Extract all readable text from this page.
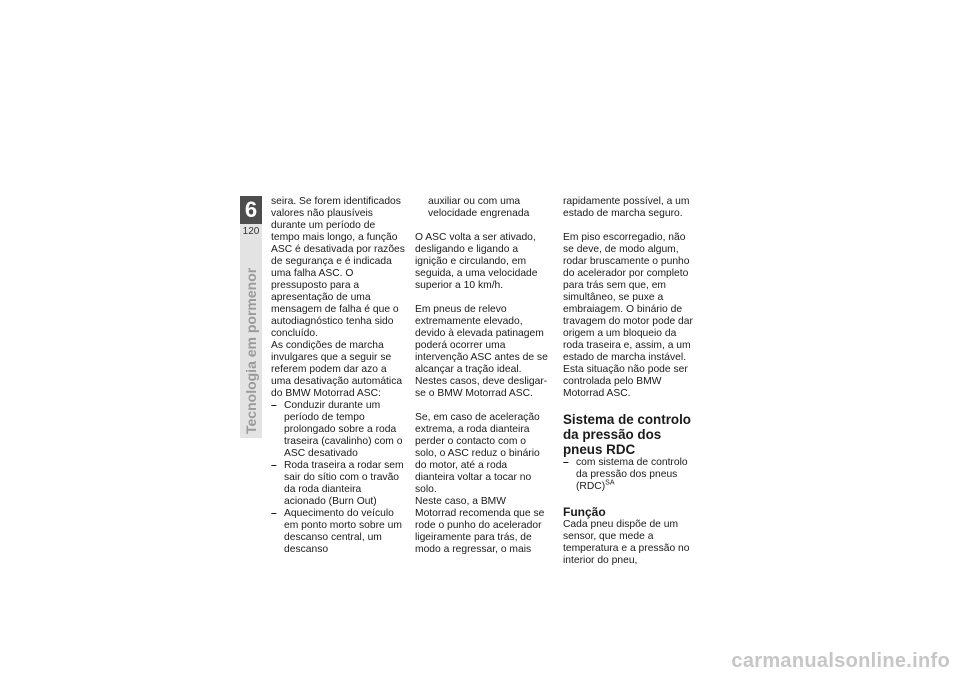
6
120
Tecnologia em pormenor

seira. Se forem identificados valores não plausíveis durante um período de tempo mais longo, a função ASC é desativada por razões de segurança e é indicada uma falha ASC. O pressuposto para a apresentação de uma mensagem de falha é que o autodiagnóstico tenha sido concluído.

As condições de marcha invulgares que a seguir se referem podem dar azo a uma desativação automática do BMW Motorrad ASC:

– Conduzir durante um período de tempo prolongado sobre a roda traseira (cavalinho) com o ASC desativado
– Roda traseira a rodar sem sair do sítio com o travão da roda dianteira acionado (Burn Out)
– Aquecimento do veículo em ponto morto sobre um descanso central, um descanso

auxiliar ou com uma velocidade engrenada

O ASC volta a ser ativado, desligando e ligando a ignição e circulando, em seguida, a uma velocidade superior a 10 km/h.

Em pneus de relevo extremamente elevado, devido à elevada patinagem poderá ocorrer uma intervenção ASC antes de se alcançar a tração ideal. Nestes casos, deve desligar-se o BMW Motorrad ASC.

Se, em caso de aceleração extrema, a roda dianteira perder o contacto com o solo, o ASC reduz o binário do motor, até a roda dianteira voltar a tocar no solo.

Neste caso, a BMW Motorrad recomenda que se rode o punho do acelerador ligeiramente para trás, de modo a regressar, o mais

rapidamente possível, a um estado de marcha seguro.

Em piso escorregadio, não se deve, de modo algum, rodar bruscamente o punho do acelerador por completo para trás sem que, em simultâneo, se puxe a embraiagem. O binário de travagem do motor pode dar origem a um bloqueio da roda traseira e, assim, a um estado de marcha instável. Esta situação não pode ser controlada pelo BMW Motorrad ASC.

Sistema de controlo da pressão dos pneus RDC

– com sistema de controlo da pressão dos pneus (RDC)$^{SA}$

Função

Cada pneu dispõe de um sensor, que mede a temperatura e a pressão no interior do pneu,

carmanualsonline.info
